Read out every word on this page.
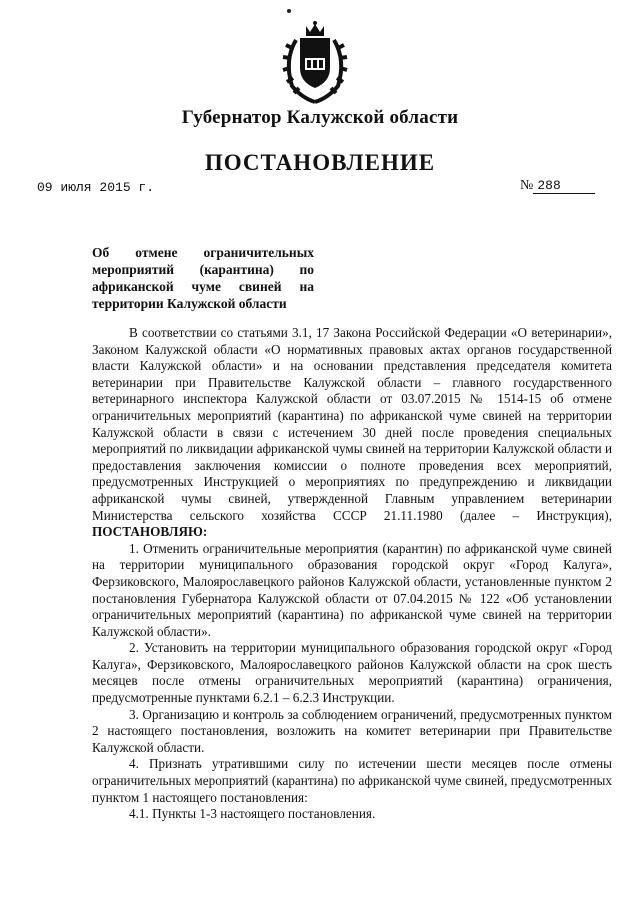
Губернатор Калужской области
ПОСТАНОВЛЕНИЕ
09 июля 2015 г.	№ 288
Об отмене ограничительных
мероприятий (карантина) по
африканской чуме свиней на
территории Калужской области

В соответствии со статьями 3.1, 17 Закона Российской Федерации «О ветеринарии», Законом Калужской области «О нормативных правовых актах органов государственной власти Калужской области» и на основании представления председателя комитета ветеринарии при Правительстве Калужской области – главного государственного ветеринарного инспектора Калужской области от 03.07.2015 № 1514-15 об отмене ограничительных мероприятий (карантина) по африканской чуме свиней на территории Калужской области в связи с истечением 30 дней после проведения специальных мероприятий по ликвидации африканской чумы свиней на территории Калужской области и предоставления заключения комиссии о полноте проведения всех мероприятий, предусмотренных Инструкцией о мероприятиях по предупреждению и ликвидации африканской чумы свиней, утвержденной Главным управлением ветеринарии Министерства сельского хозяйства СССР 21.11.1980 (далее – Инструкция), ПОСТАНОВЛЯЮ:

1. Отменить ограничительные мероприятия (карантин) по африканской чуме свиней на территории муниципального образования городской округ «Город Калуга», Ферзиковского, Малоярославецкого районов Калужской области, установленные пунктом 2 постановления Губернатора Калужской области от 07.04.2015 № 122 «Об установлении ограничительных мероприятий (карантина) по африканской чуме свиней на территории Калужской области».

2. Установить на территории муниципального образования городской округ «Город Калуга», Ферзиковского, Малоярославецкого районов Калужской области на срок шесть месяцев после отмены ограничительных мероприятий (карантина) ограничения, предусмотренные пунктами 6.2.1 – 6.2.3 Инструкции.

3. Организацию и контроль за соблюдением ограничений, предусмотренных пунктом 2 настоящего постановления, возложить на комитет ветеринарии при Правительстве Калужской области.

4. Признать утратившими силу по истечении шести месяцев после отмены ограничительных мероприятий (карантина) по африканской чуме свиней, предусмотренных пунктом 1 настоящего постановления:

4.1. Пункты 1-3 настоящего постановления.
